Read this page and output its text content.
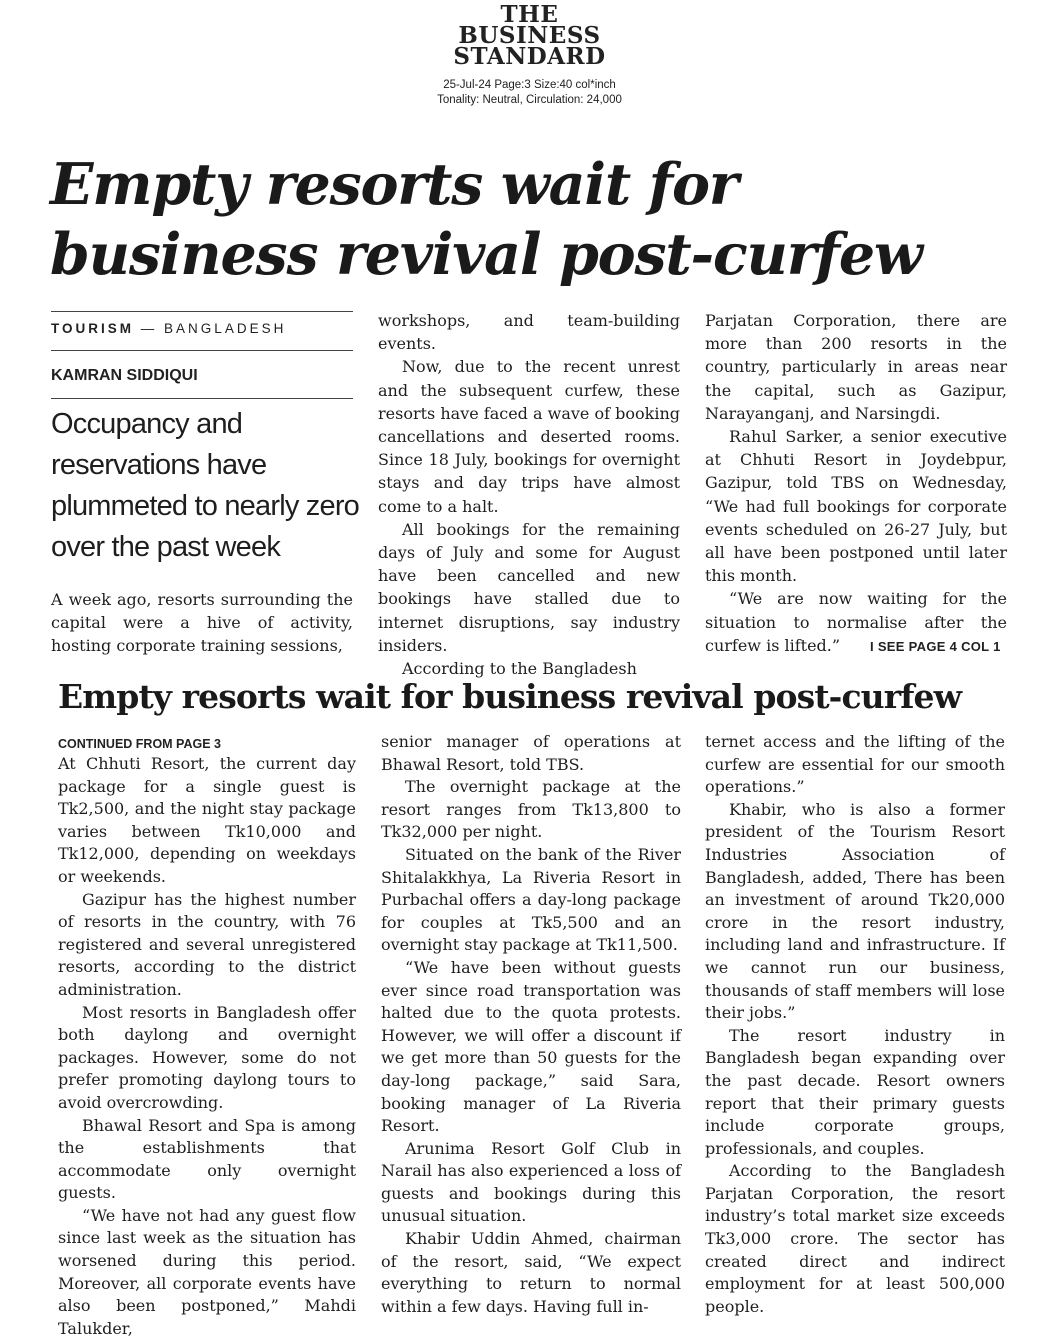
THE
BUSINESS
STANDARD
25-Jul-24 Page:3 Size:40 col*inch
Tonality: Neutral, Circulation: 24,000
Empty resorts wait for business revival post-curfew
TOURISM — BANGLADESH
KAMRAN SIDDIQUI
Occupancy and reservations have plummeted to nearly zero over the past week

A week ago, resorts surrounding the capital were a hive of activity, hosting corporate training sessions,

workshops, and team-building events.

Now, due to the recent unrest and the subsequent curfew, these resorts have faced a wave of booking cancellations and deserted rooms. Since 18 July, bookings for overnight stays and day trips have almost come to a halt.

All bookings for the remaining days of July and some for August have been cancelled and new bookings have stalled due to internet disruptions, say industry insiders.

According to the Bangladesh

Parjatan Corporation, there are more than 200 resorts in the country, particularly in areas near the capital, such as Gazipur, Narayanganj, and Narsingdi.

Rahul Sarker, a senior executive at Chhuti Resort in Joydebpur, Gazipur, told TBS on Wednesday, “We had full bookings for corporate events scheduled on 26-27 July, but all have been postponed until later this month.

“We are now waiting for the situation to normalise after the curfew is lifted.”	I SEE PAGE 4 COL 1
Empty resorts wait for business revival post-curfew
CONTINUED FROM PAGE 3

At Chhuti Resort, the current day package for a single guest is Tk2,500, and the night stay package varies between Tk10,000 and Tk12,000, depending on weekdays or weekends.

Gazipur has the highest number of resorts in the country, with 76 registered and several unregistered resorts, according to the district administration.

Most resorts in Bangladesh offer both daylong and overnight packages. However, some do not prefer promoting daylong tours to avoid overcrowding.

Bhawal Resort and Spa is among the establishments that accommodate only overnight guests.

“We have not had any guest flow since last week as the situation has worsened during this period. Moreover, all corporate events have also been postponed,” Mahdi Talukder,

senior manager of operations at Bhawal Resort, told TBS.

The overnight package at the resort ranges from Tk13,800 to Tk32,000 per night.

Situated on the bank of the River Shitalakkhya, La Riveria Resort in Purbachal offers a day-long package for couples at Tk5,500 and an overnight stay package at Tk11,500.

“We have been without guests ever since road transportation was halted due to the quota protests. However, we will offer a discount if we get more than 50 guests for the day-long package,” said Sara, booking manager of La Riveria Resort.

Arunima Resort Golf Club in Narail has also experienced a loss of guests and bookings during this unusual situation.

Khabir Uddin Ahmed, chairman of the resort, said, “We expect everything to return to normal within a few days. Having full in-

ternet access and the lifting of the curfew are essential for our smooth operations.”

Khabir, who is also a former president of the Tourism Resort Industries Association of Bangladesh, added, There has been an investment of around Tk20,000 crore in the resort industry, including land and infrastructure. If we cannot run our business, thousands of staff members will lose their jobs.”

The resort industry in Bangladesh began expanding over the past decade. Resort owners report that their primary guests include corporate groups, professionals, and couples.

According to the Bangladesh Parjatan Corporation, the resort industry’s total market size exceeds Tk3,000 crore. The sector has created direct and indirect employment for at least 500,000 people.
